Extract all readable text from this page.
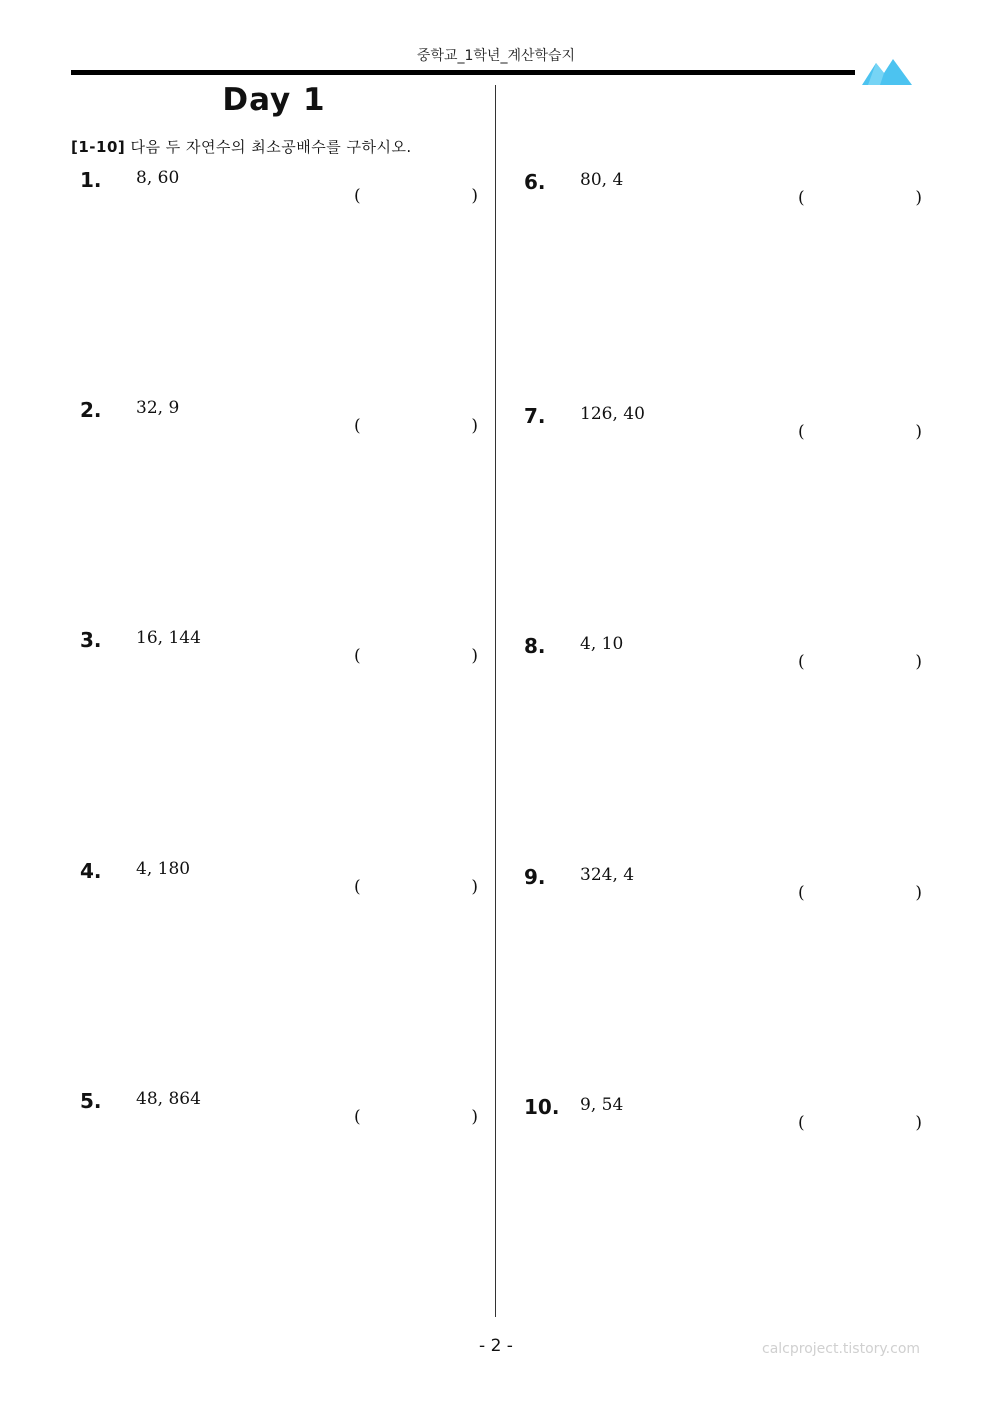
중학교_1학년_계산학습지
Day 1
[1-10] 다음 두 자연수의 최소공배수를 구하시오.
1. 8, 60
(	)
2. 32, 9
(	)
3. 16, 144
(	)
4. 4, 180
(	)
5. 48, 864
(	)
6. 80, 4
(	)
7. 126, 40
(	)
8. 4, 10
(	)
9. 324, 4
(	)
10. 9, 54
(	)
- 2 -	calcproject.tistory.com
